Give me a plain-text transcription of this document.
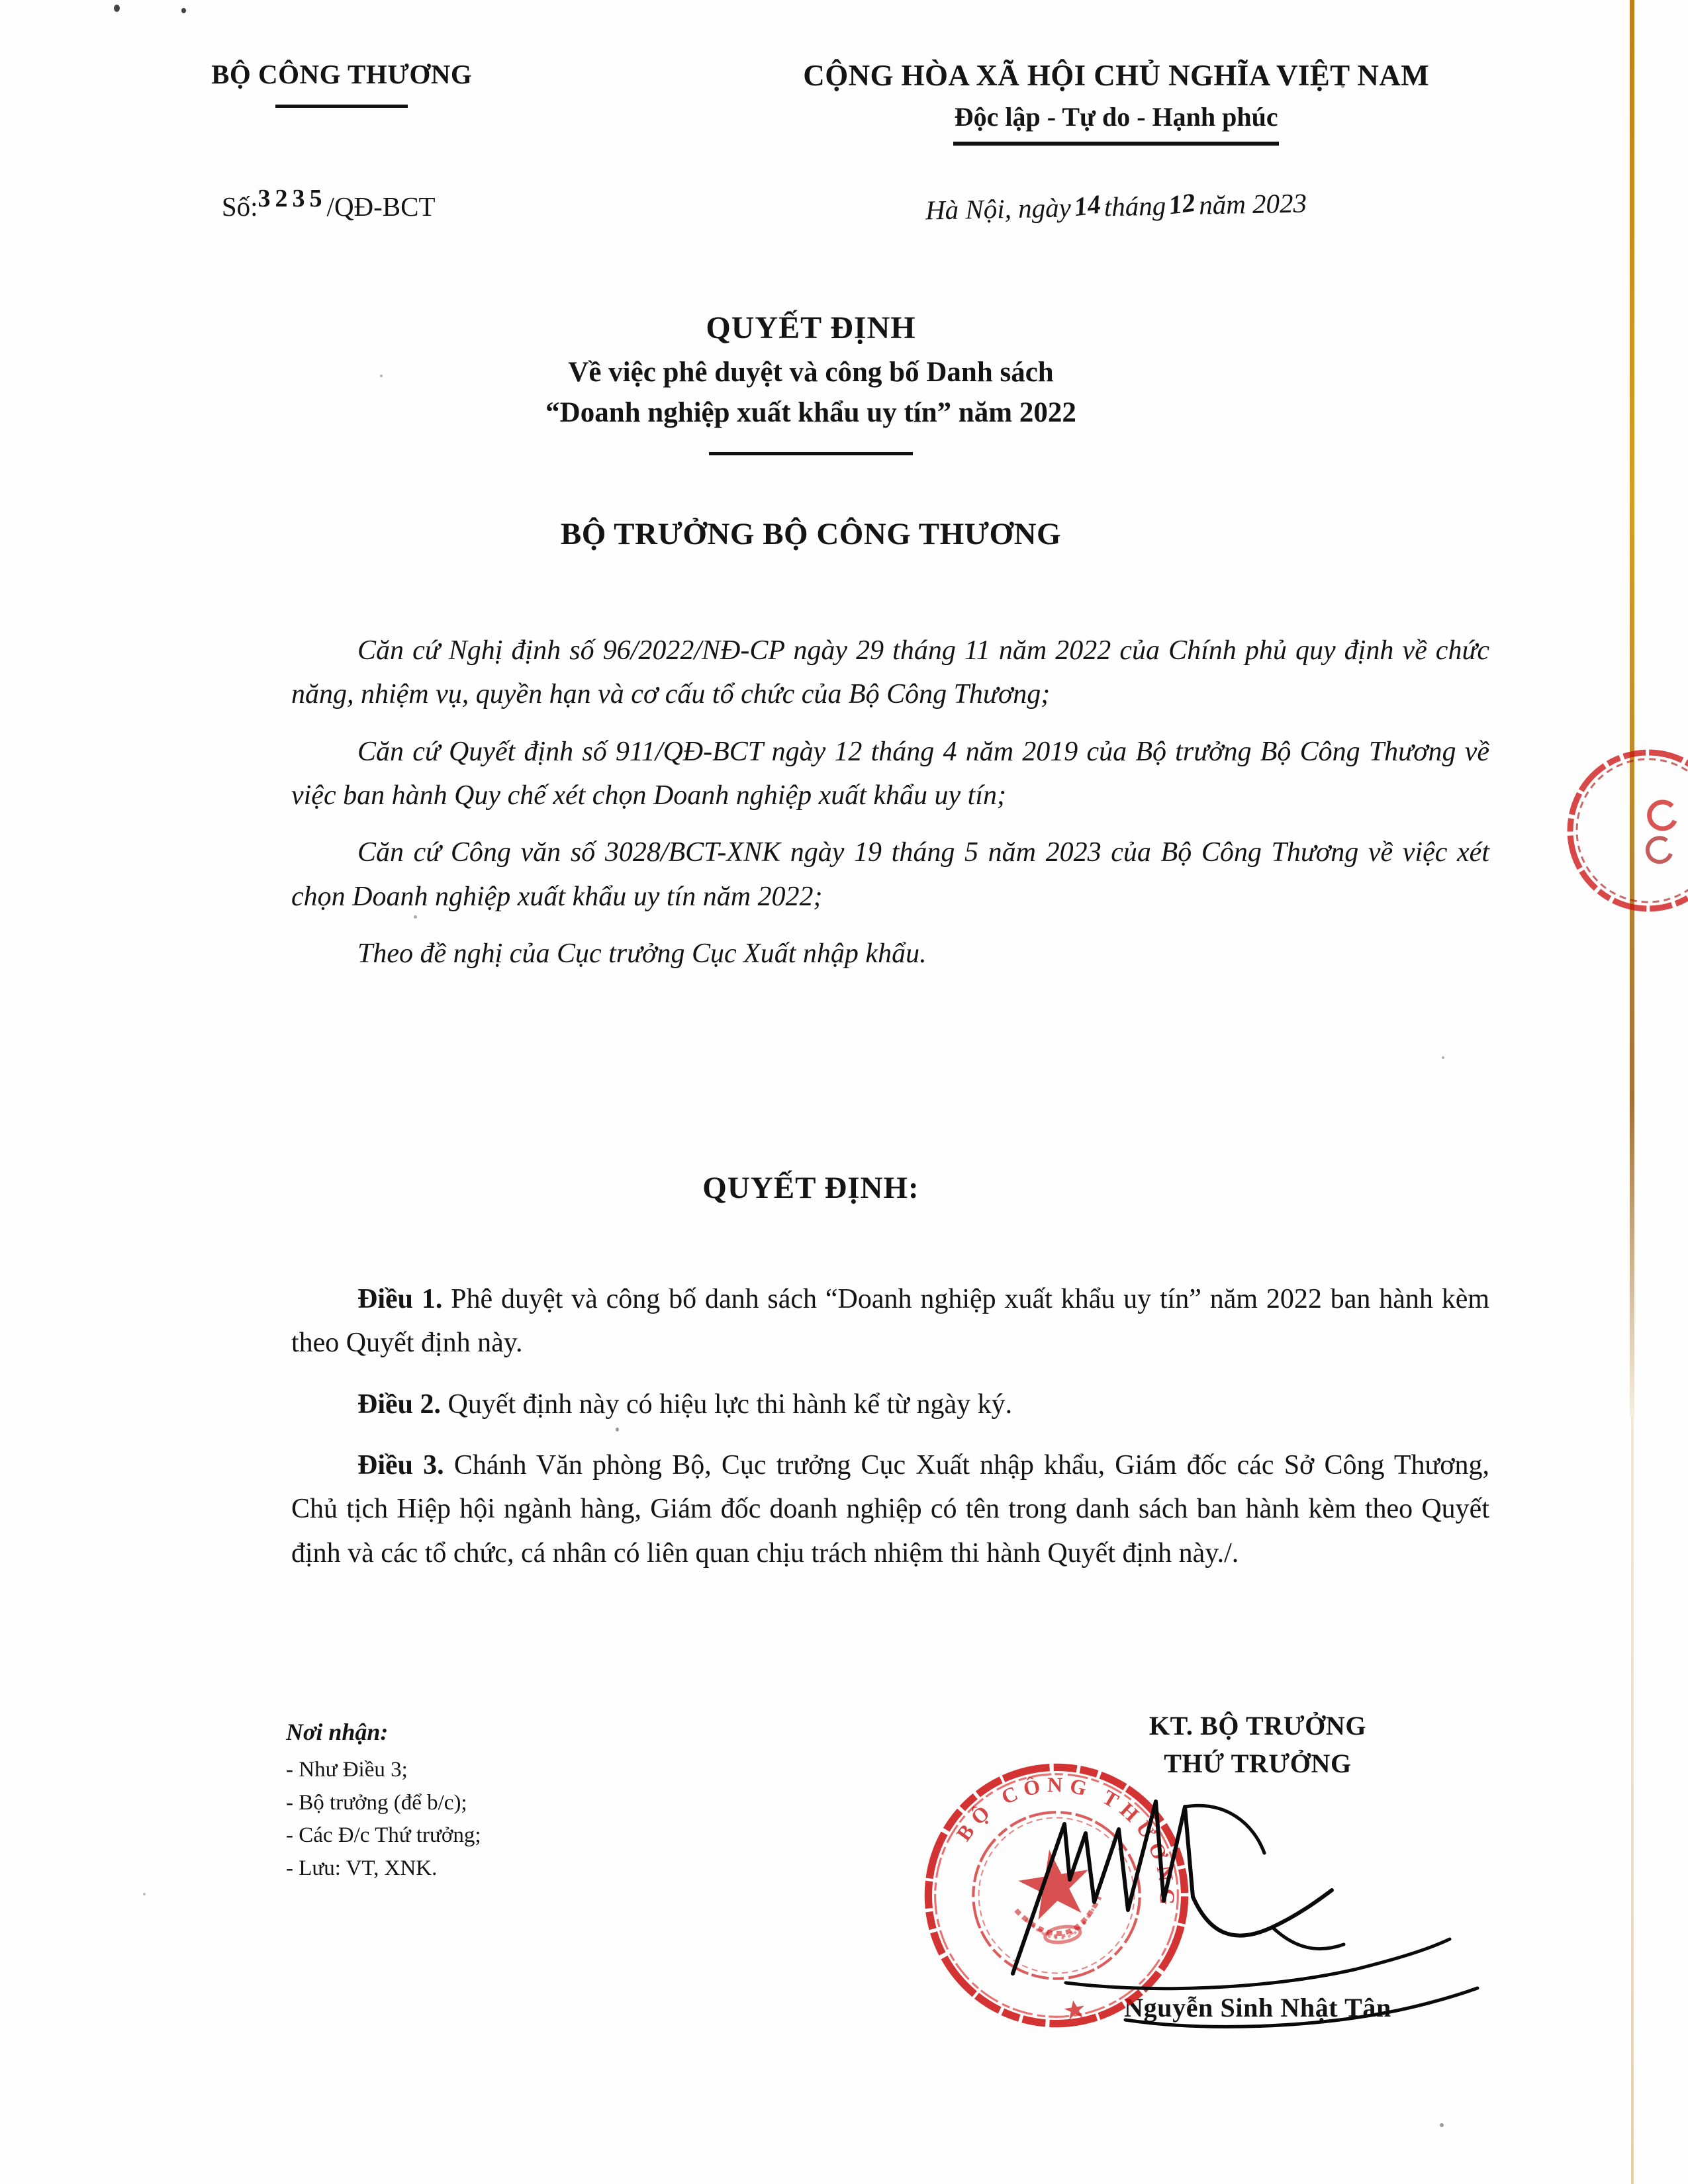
BỘ CÔNG THƯƠNG	CỘNG HÒA XÃ HỘI CHỦ NGHĨA VIỆT NAM
Độc lập - Tự do - Hạnh phúc
Số:3235/QĐ-BCT	Hà Nội, ngày14tháng12năm 2023
QUYẾT ĐỊNH
Về việc phê duyệt và công bố Danh sách
“Doanh nghiệp xuất khẩu uy tín” năm 2022
BỘ TRƯỞNG BỘ CÔNG THƯƠNG

Căn cứ Nghị định số 96/2022/NĐ-CP ngày 29 tháng 11 năm 2022 của Chính phủ quy định về chức năng, nhiệm vụ, quyền hạn và cơ cấu tổ chức của Bộ Công Thương;

Căn cứ Quyết định số 911/QĐ-BCT ngày 12 tháng 4 năm 2019 của Bộ trưởng Bộ Công Thương về việc ban hành Quy chế xét chọn Doanh nghiệp xuất khẩu uy tín;

Căn cứ Công văn số 3028/BCT-XNK ngày 19 tháng 5 năm 2023 của Bộ Công Thương về việc xét chọn Doanh nghiệp xuất khẩu uy tín năm 2022;

Theo đề nghị của Cục trưởng Cục Xuất nhập khẩu.

QUYẾT ĐỊNH:

Điều 1. Phê duyệt và công bố danh sách “Doanh nghiệp xuất khẩu uy tín” năm 2022 ban hành kèm theo Quyết định này.

Điều 2. Quyết định này có hiệu lực thi hành kể từ ngày ký.

Điều 3. Chánh Văn phòng Bộ, Cục trưởng Cục Xuất nhập khẩu, Giám đốc các Sở Công Thương, Chủ tịch Hiệp hội ngành hàng, Giám đốc doanh nghiệp có tên trong danh sách ban hành kèm theo Quyết định và các tổ chức, cá nhân có liên quan chịu trách nhiệm thi hành Quyết định này./.

Nơi nhận:
- Như Điều 3;
- Bộ trưởng (để b/c);
- Các Đ/c Thứ trưởng;
- Lưu: VT, XNK.
KT. BỘ TRƯỞNG
THỨ TRƯỞNG
Nguyễn Sinh Nhật Tân
BỘ CÔNG THƯƠNG
